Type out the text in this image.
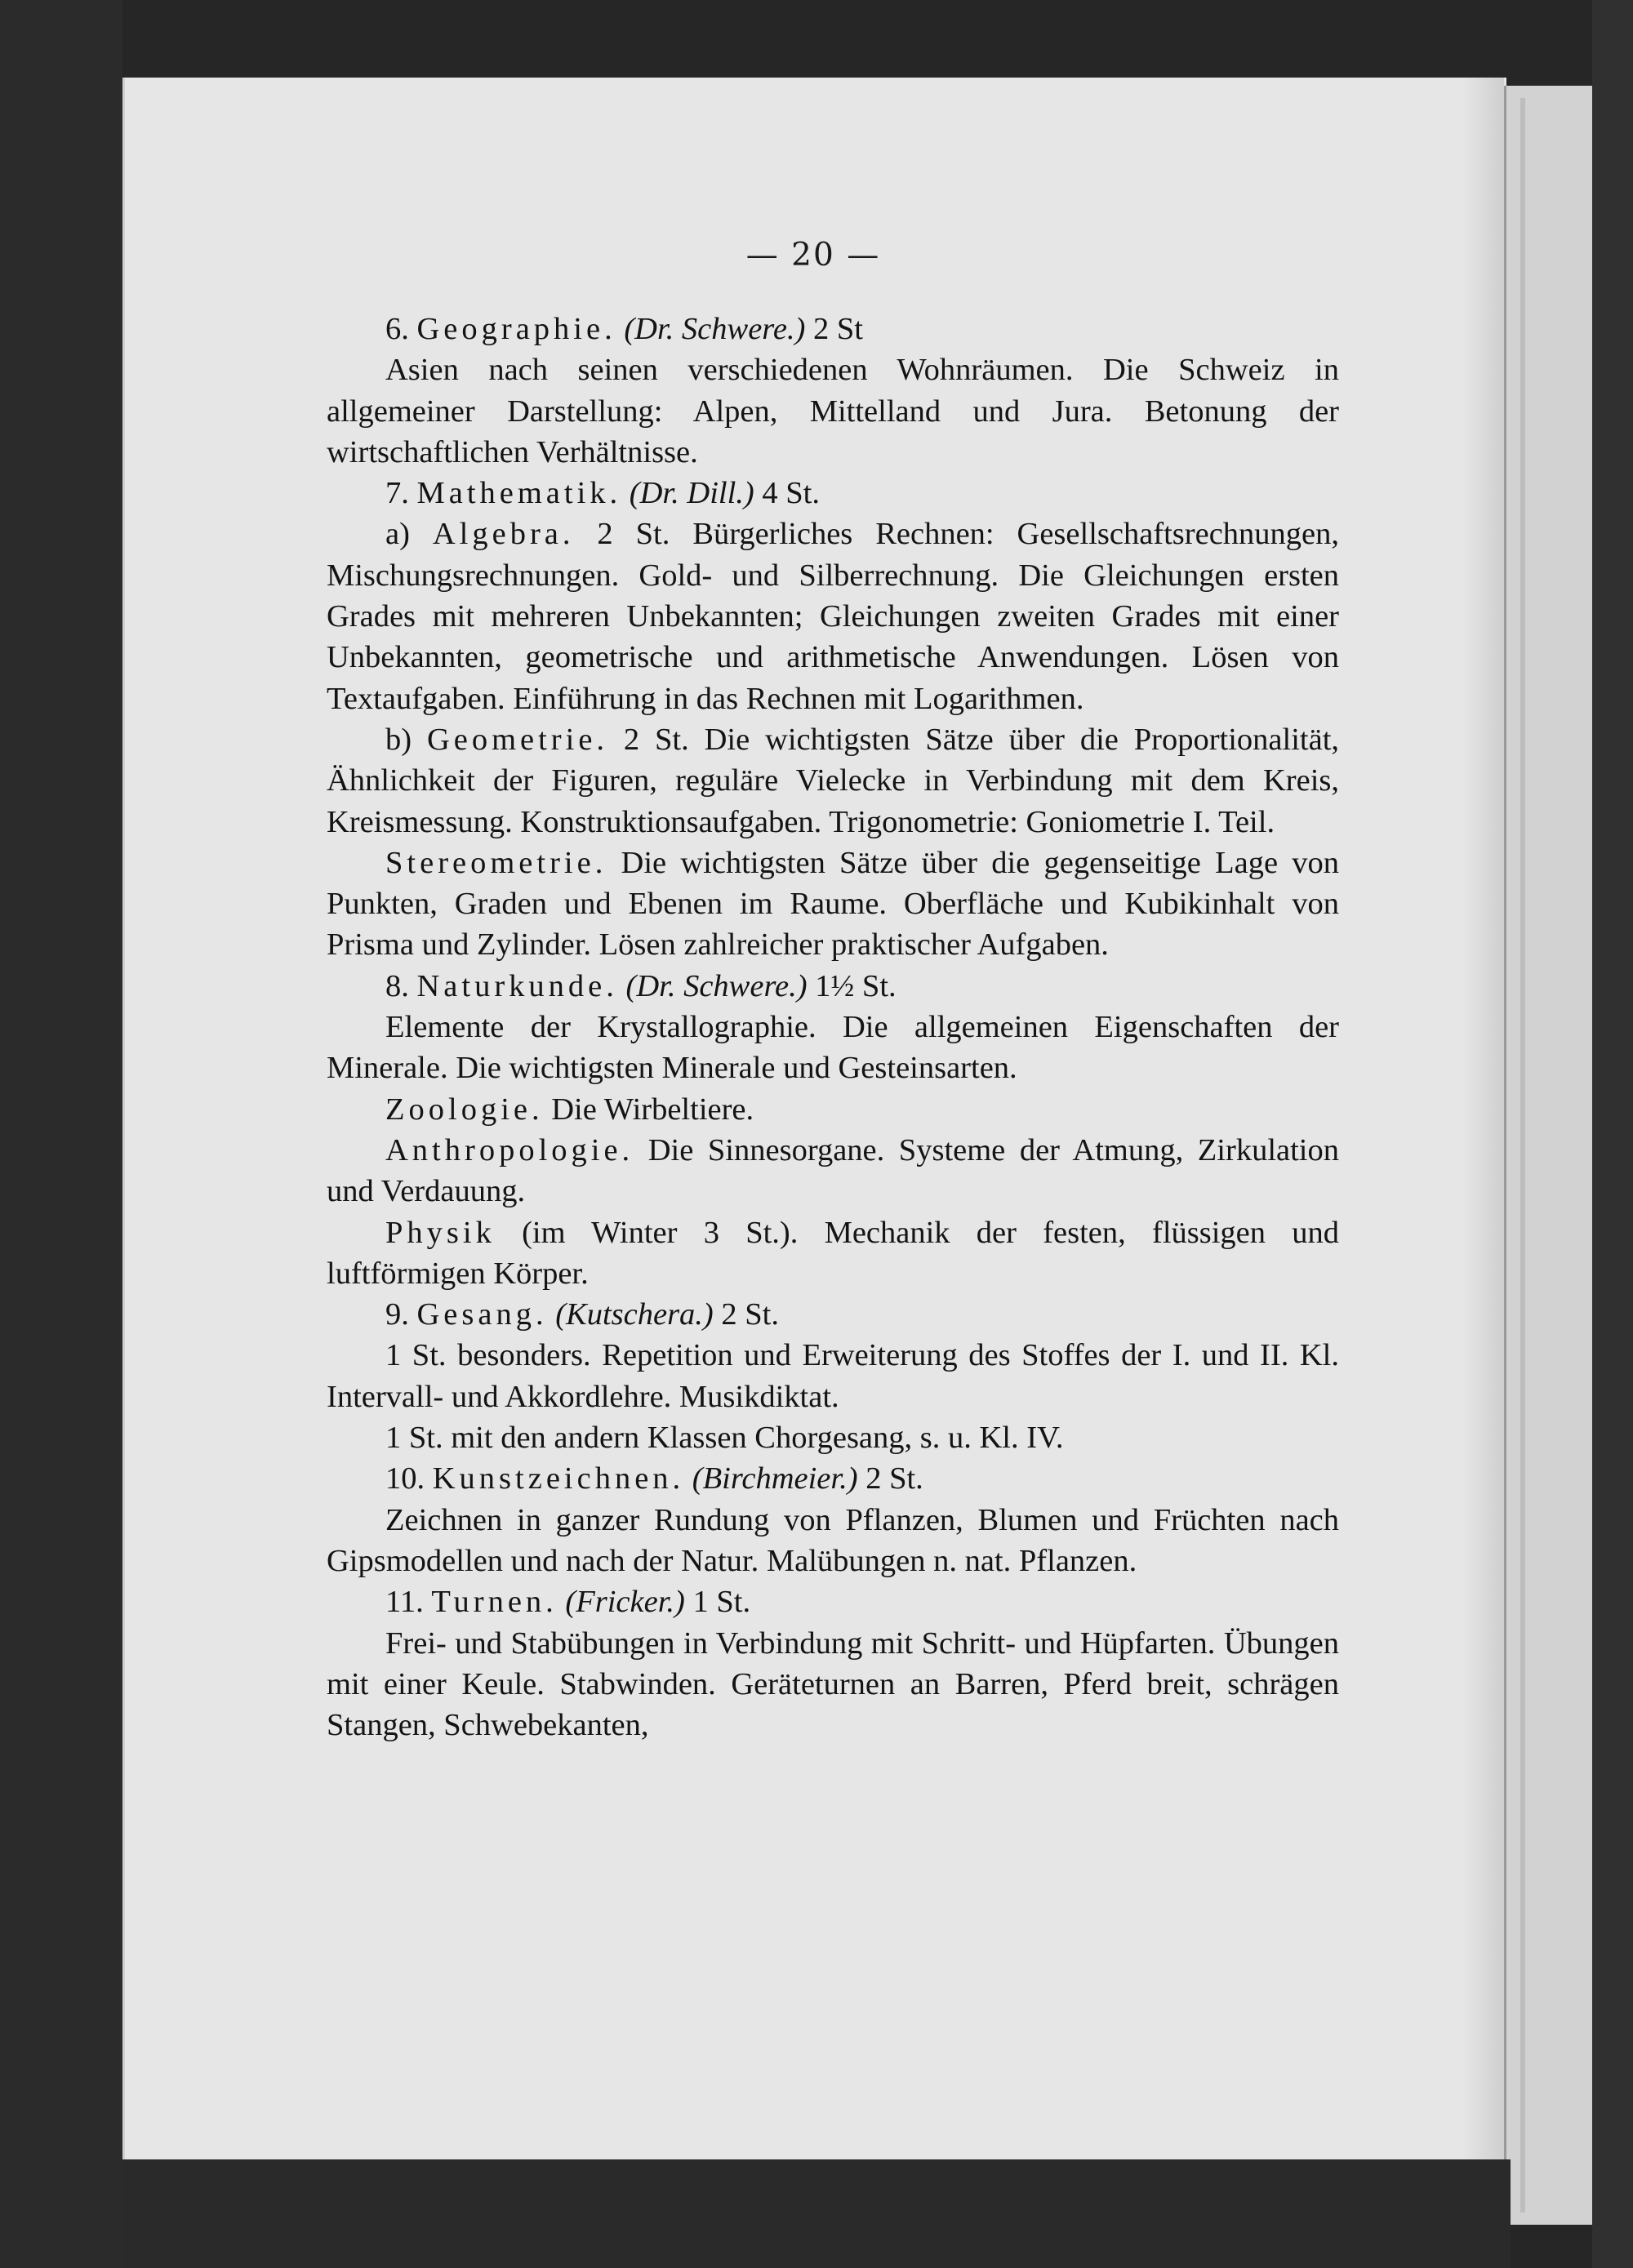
— 20 —

6. Geographie. (Dr. Schwere.) 2 St

Asien nach seinen verschiedenen Wohnräumen. Die Schweiz in allgemeiner Darstellung: Alpen, Mittelland und Jura. Betonung der wirtschaftlichen Verhältnisse.

7. Mathematik. (Dr. Dill.) 4 St.

a) Algebra. 2 St. Bürgerliches Rechnen: Gesellschaftsrechnungen, Mischungsrechnungen. Gold- und Silberrechnung. Die Gleichungen ersten Grades mit mehreren Unbekannten; Gleichungen zweiten Grades mit einer Unbekannten, geometrische und arithmetische Anwendungen. Lösen von Textaufgaben. Einführung in das Rechnen mit Logarithmen.

b) Geometrie. 2 St. Die wichtigsten Sätze über die Proportionalität, Ähnlichkeit der Figuren, reguläre Vielecke in Verbindung mit dem Kreis, Kreismessung. Konstruktionsaufgaben. Trigonometrie: Goniometrie I. Teil.

Stereometrie. Die wichtigsten Sätze über die gegenseitige Lage von Punkten, Graden und Ebenen im Raume. Oberfläche und Kubikinhalt von Prisma und Zylinder. Lösen zahlreicher praktischer Aufgaben.

8. Naturkunde. (Dr. Schwere.) 1½ St.

Elemente der Krystallographie. Die allgemeinen Eigenschaften der Minerale. Die wichtigsten Minerale und Gesteinsarten.

Zoologie. Die Wirbeltiere.

Anthropologie. Die Sinnesorgane. Systeme der Atmung, Zirkulation und Verdauung.

Physik (im Winter 3 St.). Mechanik der festen, flüssigen und luftförmigen Körper.

9. Gesang. (Kutschera.) 2 St.

1 St. besonders. Repetition und Erweiterung des Stoffes der I. und II. Kl. Intervall- und Akkordlehre. Musikdiktat.

1 St. mit den andern Klassen Chorgesang, s. u. Kl. IV.

10. Kunstzeichnen. (Birchmeier.) 2 St.

Zeichnen in ganzer Rundung von Pflanzen, Blumen und Früchten nach Gipsmodellen und nach der Natur. Malübungen n. nat. Pflanzen.

11. Turnen. (Fricker.) 1 St.

Frei- und Stabübungen in Verbindung mit Schritt- und Hüpfarten. Übungen mit einer Keule. Stabwinden. Geräteturnen an Barren, Pferd breit, schrägen Stangen, Schwebekanten,
